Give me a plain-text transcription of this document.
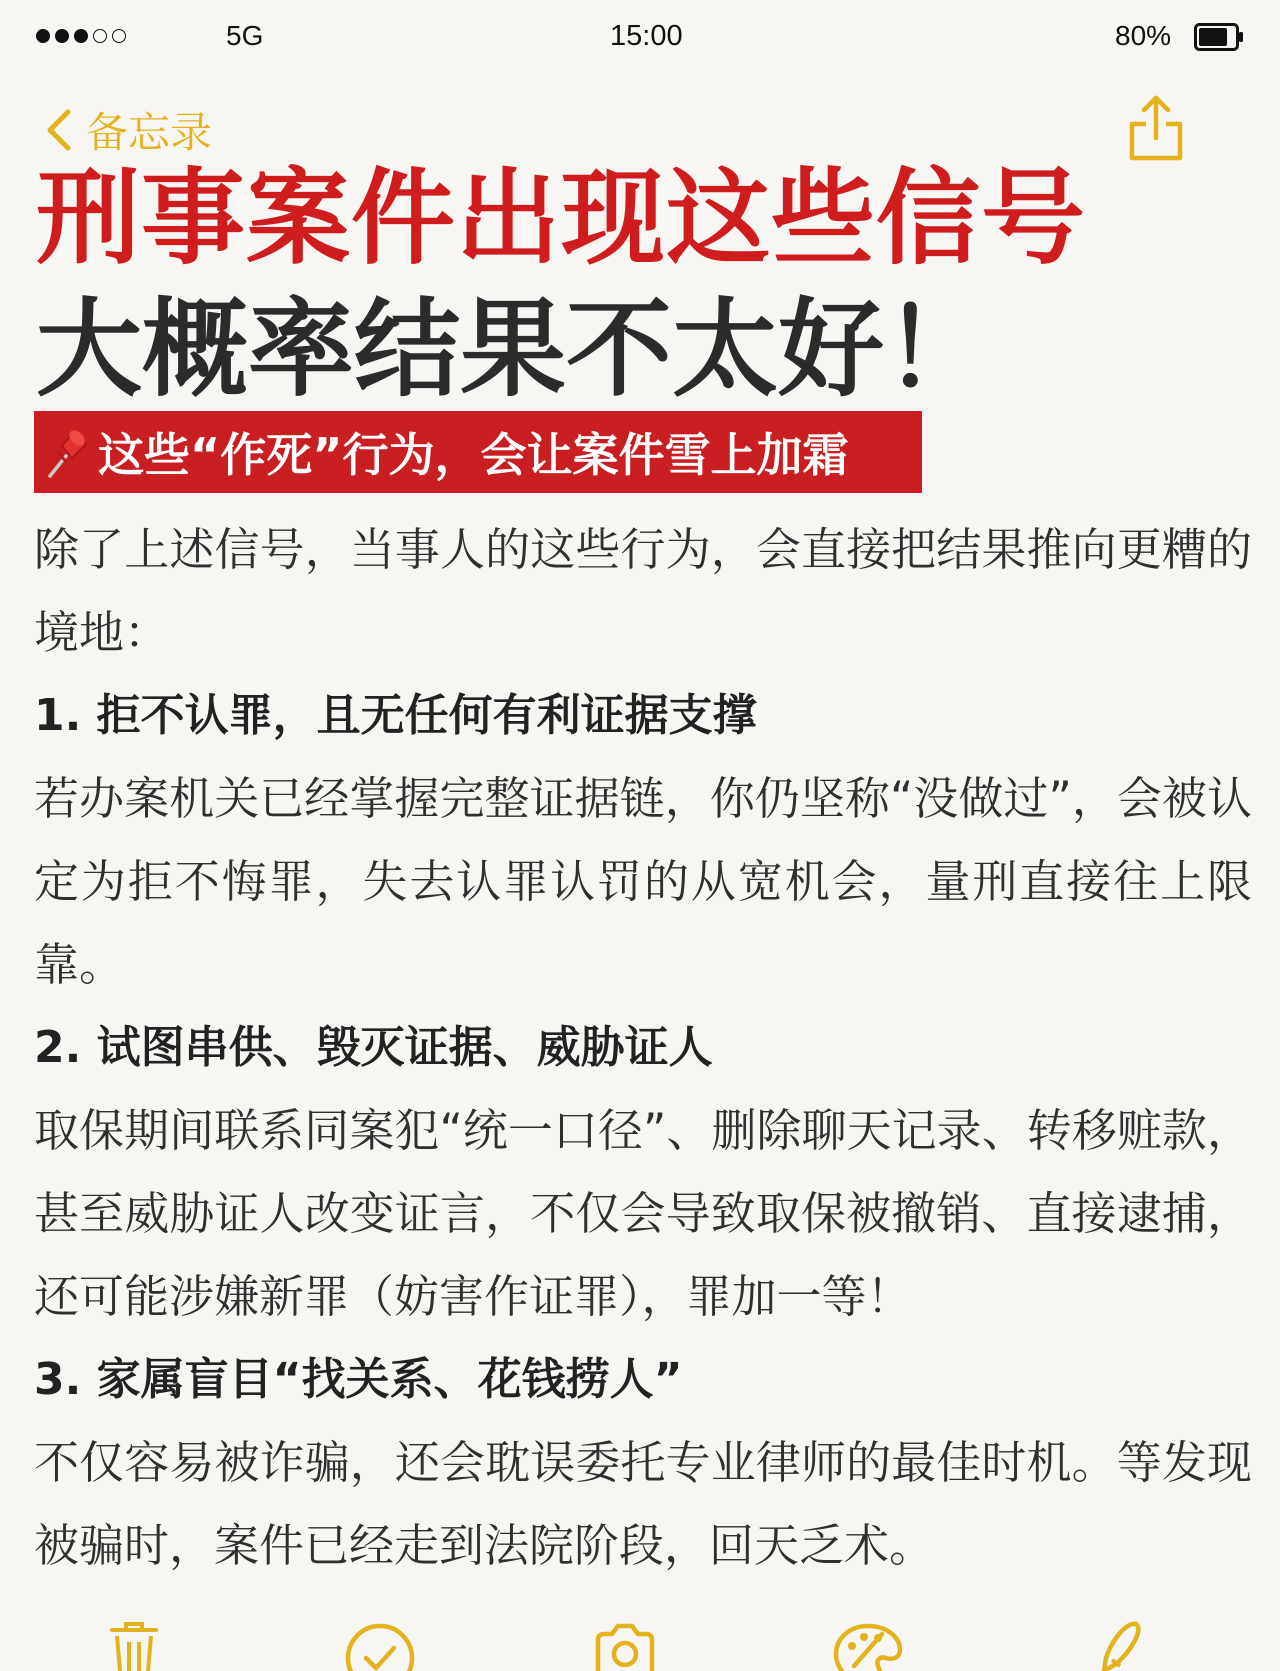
5G	15:00	80%
备忘录
刑事案件出现这些信号
大概率结果不太好！
这些“作死”行为，会让案件雪上加霜

除了上述信号，当事人的这些行为，会直接把结果推向更糟的境地：

1. 拒不认罪，且无任何有利证据支撑

若办案机关已经掌握完整证据链，你仍坚称“没做过”，会被认定为拒不悔罪，失去认罪认罚的从宽机会，量刑直接往上限靠。

2. 试图串供、毁灭证据、威胁证人

取保期间联系同案犯“统一口径”、删除聊天记录、转移赃款，甚至威胁证人改变证言，不仅会导致取保被撤销、直接逮捕，还可能涉嫌新罪（妨害作证罪），罪加一等！

3. 家属盲目“找关系、花钱捞人”

不仅容易被诈骗，还会耽误委托专业律师的最佳时机。等发现被骗时，案件已经走到法院阶段，回天乏术。
